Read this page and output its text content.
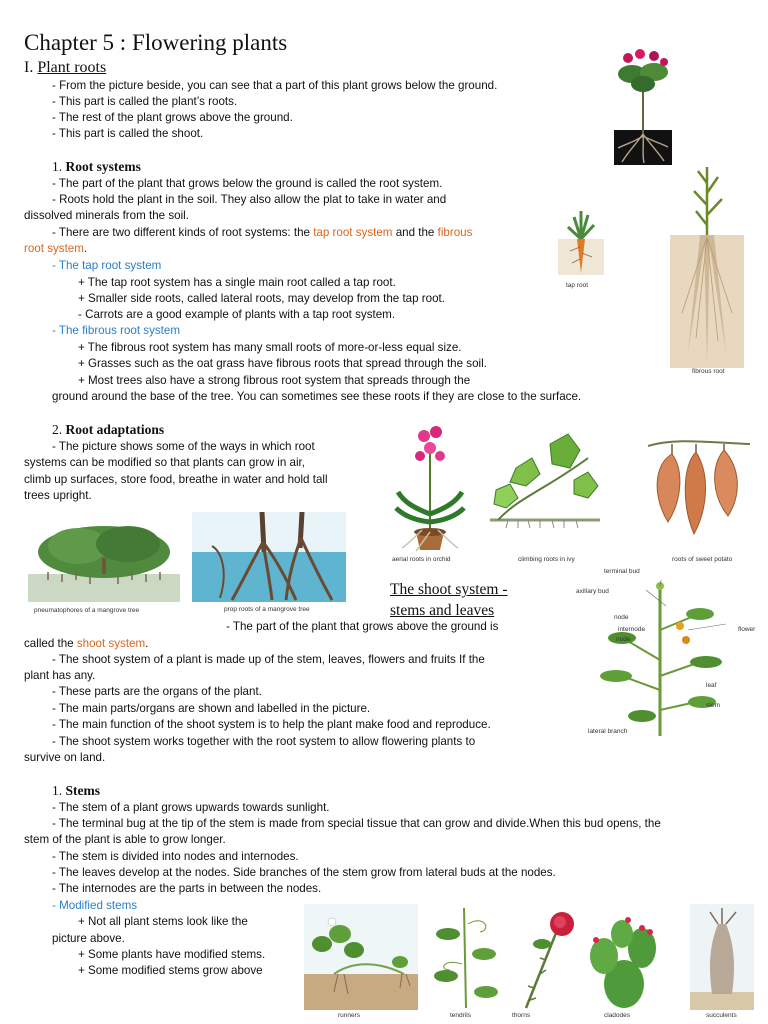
Chapter 5 : Flowering plants
I. Plant roots
- From the picture beside, you can see that a part of this plant grows below the ground.
- This part is called the plant’s roots.
- The rest of the plant grows above the ground.
- This part is called the shoot.
1. Root systems
- The part of the plant that grows below the ground is called the root system.
- Roots hold the plant in the soil. They also allow the plat to take in water and
dissolved minerals from the soil.
- There are two different kinds of root systems: the tap root system and the fibrous
root system.
- The tap root system
+ The tap root system has a single main root called a tap root.
+ Smaller side roots, called lateral roots, may develop from the tap root.
- Carrots are a good example of plants with a tap root system.
- The fibrous root system
+ The fibrous root system has many small roots of more-or-less equal size.
+ Grasses such as the oat grass have fibrous roots that spread through the soil.
+ Most trees also have a strong fibrous root system that spreads through the
ground around the base of the tree. You can sometimes see these roots if they are close to the surface.
tap root
fibrous root
2. Root adaptations
- The picture shows some of the ways in which root
systems can be modified so that plants can grow in air,
climb up surfaces, store food, breathe in water and hold tall
trees upright.
aerial roots in orchid	climbing roots in ivy	roots of sweet potato
pneumatophores of a mangrove tree	prop roots of a mangrove tree
The shoot system -
stems and leaves
- The part of the plant that grows above the ground is
called the shoot system.
- The shoot system of a plant is made up of the stem, leaves, flowers and fruits If the
plant has any.
- These parts are the organs of the plant.
- The main parts/organs are shown and labelled in the picture.
- The main function of the shoot system is to help the plant make food and reproduce.
- The shoot system works together with the root system to allow flowering plants to
survive on land.
terminal bud
axillary bud
node
internode
node
flower
leaf
stem
lateral branch
1. Stems
- The stem of a plant grows upwards towards sunlight.
- The terminal bug at the tip of the stem is made from special tissue that can grow and divide.When this bud opens, the
stem of the plant is able to grow longer.
- The stem is divided into nodes and internodes.
- The leaves develop at the nodes. Side branches of the stem grow from lateral buds at the nodes.
- The internodes are the parts in between the nodes.
- Modified stems
+ Not all plant stems look like the
picture above.
+ Some plants have modified stems.
+ Some modified stems grow above
runners	tendrils	thorns	cladodes	succulents
